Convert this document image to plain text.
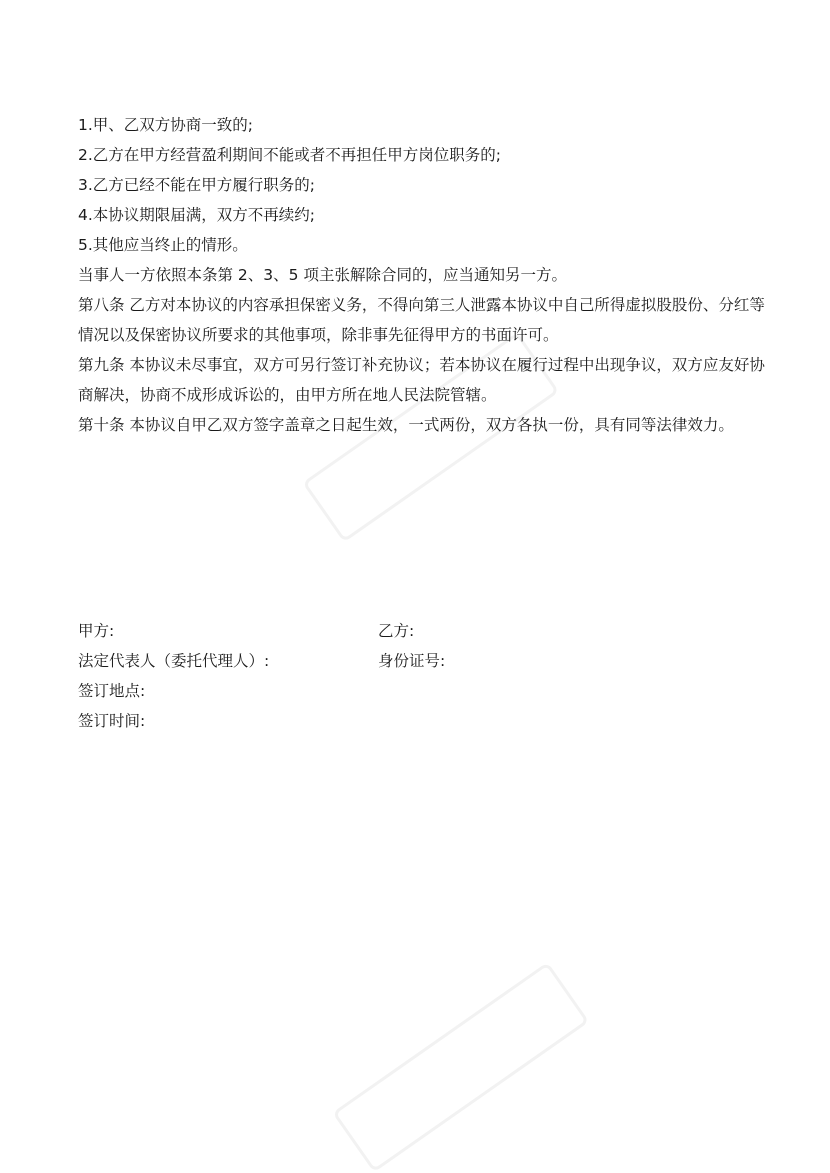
1.甲、乙双方协商一致的;

2.乙方在甲方经营盈利期间不能或者不再担任甲方岗位职务的;

3.乙方已经不能在甲方履行职务的;

4.本协议期限届满，双方不再续约;

5.其他应当终止的情形。

当事人一方依照本条第 2、3、5 项主张解除合同的，应当通知另一方。

第八条 乙方对本协议的内容承担保密义务，不得向第三人泄露本协议中自己所得虚拟股股份、分红等情况以及保密协议所要求的其他事项，除非事先征得甲方的书面许可。

第九条 本协议未尽事宜，双方可另行签订补充协议；若本协议在履行过程中出现争议，双方应友好协商解决，协商不成形成诉讼的，由甲方所在地人民法院管辖。

第十条 本协议自甲乙双方签字盖章之日起生效，一式两份，双方各执一份，具有同等法律效力。

甲方:	乙方:
法定代表人（委托代理人）:	身份证号:
签订地点:
签订时间:
